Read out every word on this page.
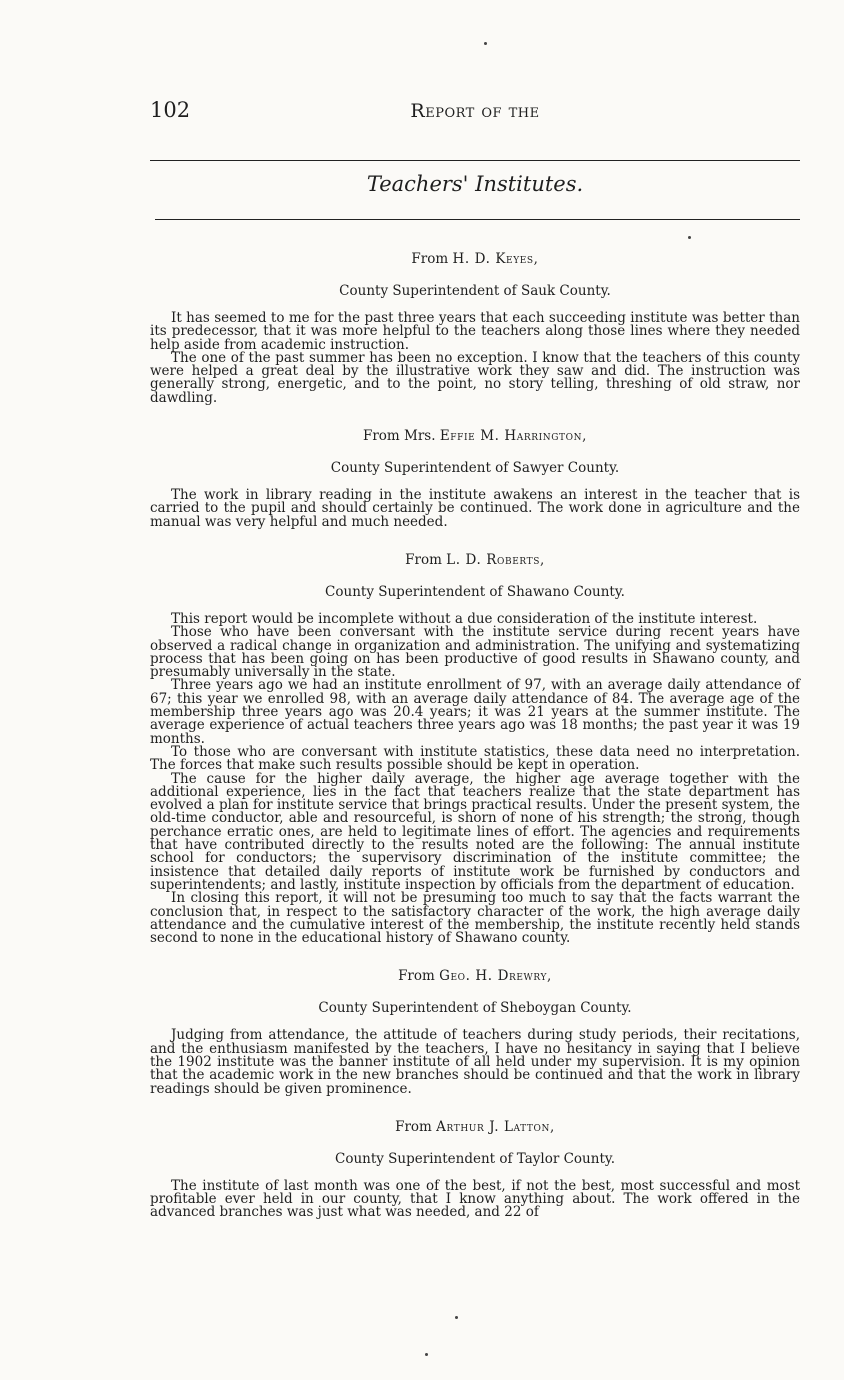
102	Report of the
Teachers' Institutes.

From H. D. Keyes,

County Superintendent of Sauk County.

It has seemed to me for the past three years that each succeeding institute was better than its predecessor, that it was more helpful to the teachers along those lines where they needed help aside from academic instruction.

The one of the past summer has been no exception. I know that the teachers of this county were helped a great deal by the illustrative work they saw and did. The instruction was generally strong, energetic, and to the point, no story telling, threshing of old straw, nor dawdling.

From Mrs. Effie M. Harrington,

County Superintendent of Sawyer County.

The work in library reading in the institute awakens an interest in the teacher that is carried to the pupil and should certainly be continued. The work done in agriculture and the manual was very helpful and much needed.

From L. D. Roberts,

County Superintendent of Shawano County.

This report would be incomplete without a due consideration of the institute interest.

Those who have been conversant with the institute service during recent years have observed a radical change in organization and administration. The unifying and systematizing process that has been going on has been productive of good results in Shawano county, and presumably universally in the state.

Three years ago we had an institute enrollment of 97, with an average daily attendance of 67; this year we enrolled 98, with an average daily attendance of 84. The average age of the membership three years ago was 20.4 years; it was 21 years at the summer institute. The average experience of actual teachers three years ago was 18 months; the past year it was 19 months.

To those who are conversant with institute statistics, these data need no interpretation. The forces that make such results possible should be kept in operation.

The cause for the higher daily average, the higher age average together with the additional experience, lies in the fact that teachers realize that the state department has evolved a plan for institute service that brings practical results. Under the present system, the old-time conductor, able and resourceful, is shorn of none of his strength; the strong, though perchance erratic ones, are held to legitimate lines of effort. The agencies and requirements that have contributed directly to the results noted are the following: The annual institute school for conductors; the supervisory discrimination of the institute committee; the insistence that detailed daily reports of institute work be furnished by conductors and superintendents; and lastly, institute inspection by officials from the department of education.

In closing this report, it will not be presuming too much to say that the facts warrant the conclusion that, in respect to the satisfactory character of the work, the high average daily attendance and the cumulative interest of the membership, the institute recently held stands second to none in the educational history of Shawano county.

From Geo. H. Drewry,

County Superintendent of Sheboygan County.

Judging from attendance, the attitude of teachers during study periods, their recitations, and the enthusiasm manifested by the teachers, I have no hesitancy in saying that I believe the 1902 institute was the banner institute of all held under my supervision. It is my opinion that the academic work in the new branches should be continued and that the work in library readings should be given prominence.

From Arthur J. Latton,

County Superintendent of Taylor County.

The institute of last month was one of the best, if not the best, most successful and most profitable ever held in our county, that I know anything about. The work offered in the advanced branches was just what was needed, and 22 of
